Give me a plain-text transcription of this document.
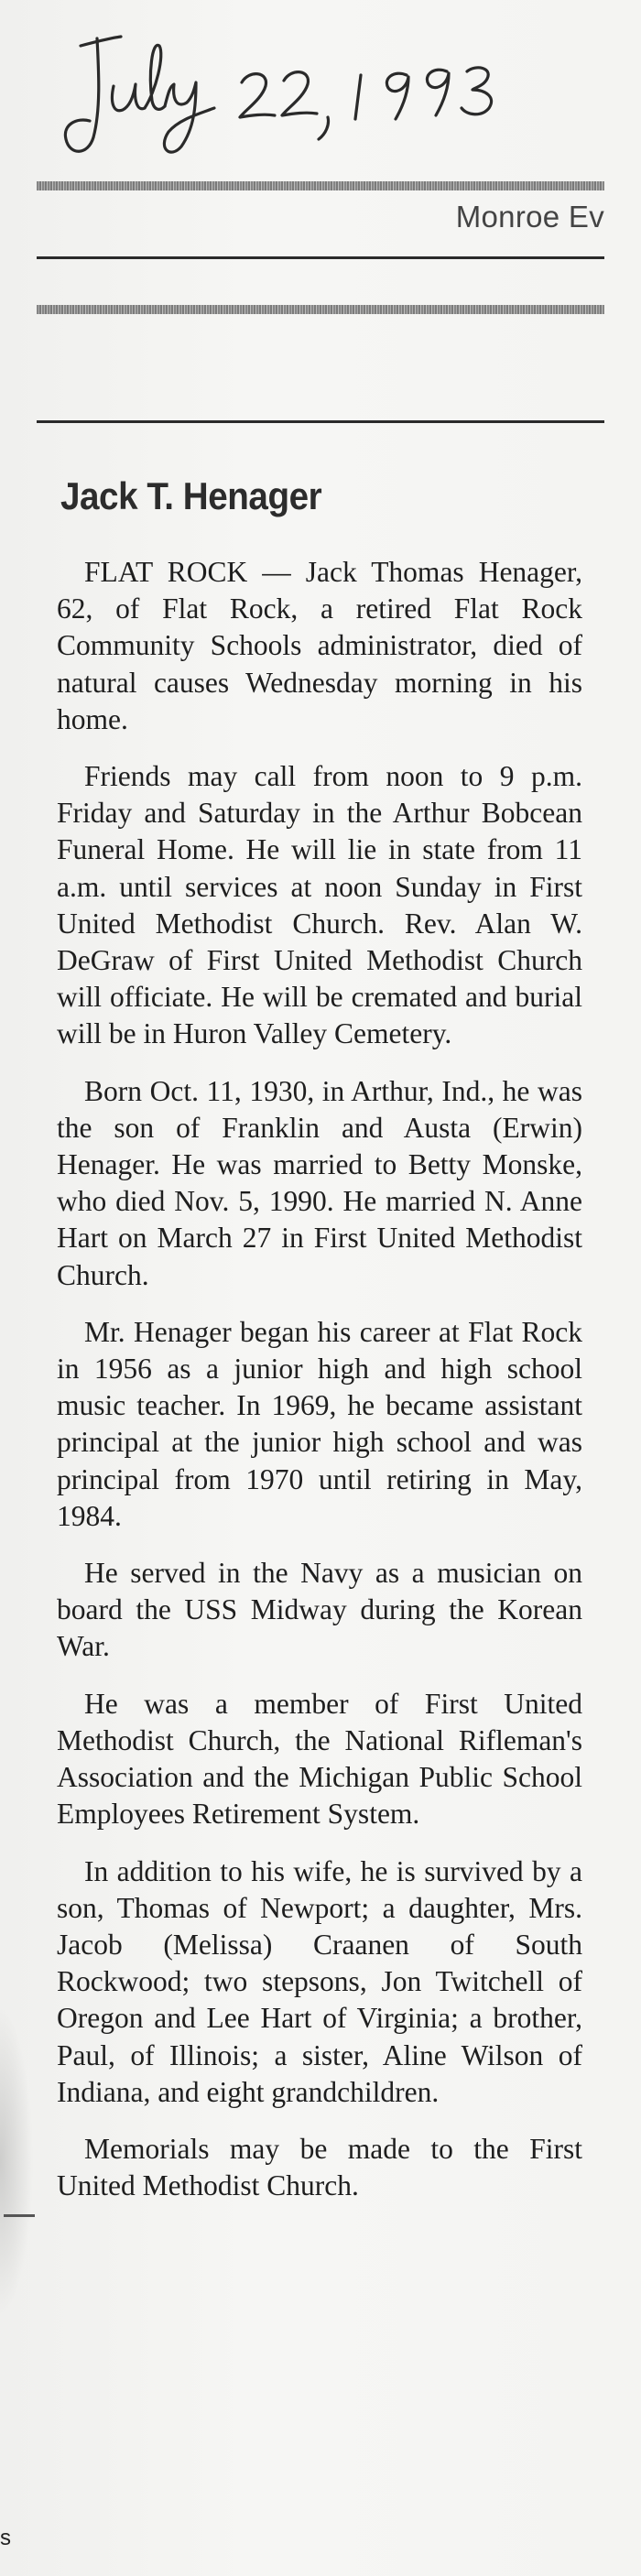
Monroe Ev
Jack T. Henager

FLAT ROCK — Jack Thomas Henager, 62, of Flat Rock, a retired Flat Rock Community Schools administrator, died of natural causes Wednesday morning in his home.

Friends may call from noon to 9 p.m. Friday and Saturday in the Arthur Bobcean Funeral Home. He will lie in state from 11 a.m. until services at noon Sunday in First United Methodist Church. Rev. Alan W. DeGraw of First United Methodist Church will officiate. He will be cremated and burial will be in Huron Valley Cemetery.

Born Oct. 11, 1930, in Arthur, Ind., he was the son of Franklin and Austa (Erwin) Henager. He was married to Betty Monske, who died Nov. 5, 1990. He married N. Anne Hart on March 27 in First United Methodist Church.

Mr. Henager began his career at Flat Rock in 1956 as a junior high and high school music teacher. In 1969, he became assistant principal at the junior high school and was principal from 1970 until retiring in May, 1984.

He served in the Navy as a musician on board the USS Midway during the Korean War.

He was a member of First United Methodist Church, the National Rifleman's Association and the Michigan Public School Employees Retirement System.

In addition to his wife, he is survived by a son, Thomas of Newport; a daughter, Mrs. Jacob (Melissa) Craanen of South Rockwood; two stepsons, Jon Twitchell of Oregon and Lee Hart of Virginia; a brother, Paul, of Illinois; a sister, Aline Wilson of Indiana, and eight grandchildren.

Memorials may be made to the First United Methodist Church.

s
